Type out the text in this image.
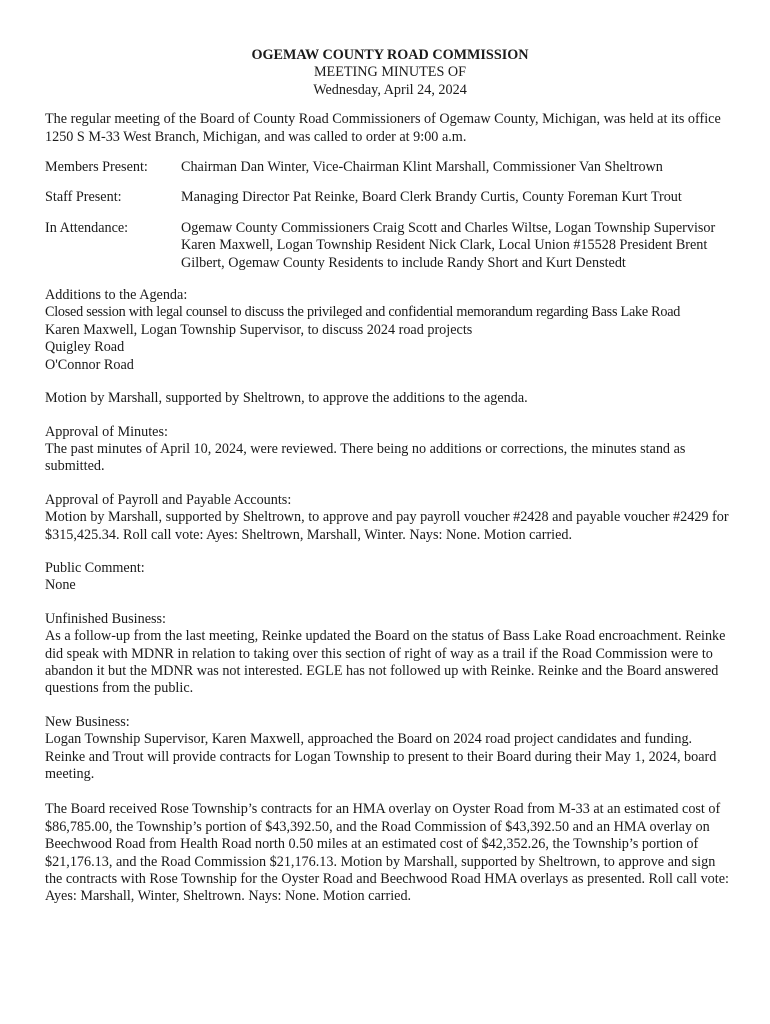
OGEMAW COUNTY ROAD COMMISSION
MEETING MINUTES OF
Wednesday, April 24, 2024

The regular meeting of the Board of County Road Commissioners of Ogemaw County, Michigan, was held at its office 1250 S M-33 West Branch, Michigan, and was called to order at 9:00 a.m.

Members Present:	Chairman Dan Winter, Vice-Chairman Klint Marshall, Commissioner Van Sheltrown
Staff Present:	Managing Director Pat Reinke, Board Clerk Brandy Curtis, County Foreman Kurt Trout
In Attendance:	Ogemaw County Commissioners Craig Scott and Charles Wiltse, Logan Township Supervisor Karen Maxwell, Logan Township Resident Nick Clark, Local Union #15528 President Brent Gilbert, Ogemaw County Residents to include Randy Short and Kurt Denstedt
Additions to the Agenda:
Closed session with legal counsel to discuss the privileged and confidential memorandum regarding Bass Lake Road
Karen Maxwell, Logan Township Supervisor, to discuss 2024 road projects
Quigley Road
O'Connor Road

Motion by Marshall, supported by Sheltrown, to approve the additions to the agenda.

Approval of Minutes:
The past minutes of April 10, 2024, were reviewed. There being no additions or corrections, the minutes stand as submitted.
Approval of Payroll and Payable Accounts:
Motion by Marshall, supported by Sheltrown, to approve and pay payroll voucher #2428 and payable voucher #2429 for $315,425.34. Roll call vote: Ayes: Sheltrown, Marshall, Winter. Nays: None. Motion carried.
Public Comment:
None
Unfinished Business:
As a follow-up from the last meeting, Reinke updated the Board on the status of Bass Lake Road encroachment. Reinke did speak with MDNR in relation to taking over this section of right of way as a trail if the Road Commission were to abandon it but the MDNR was not interested. EGLE has not followed up with Reinke. Reinke and the Board answered questions from the public.
New Business:
Logan Township Supervisor, Karen Maxwell, approached the Board on 2024 road project candidates and funding. Reinke and Trout will provide contracts for Logan Township to present to their Board during their May 1, 2024, board meeting.

The Board received Rose Township’s contracts for an HMA overlay on Oyster Road from M-33 at an estimated cost of $86,785.00, the Township’s portion of $43,392.50, and the Road Commission of $43,392.50 and an HMA overlay on Beechwood Road from Health Road north 0.50 miles at an estimated cost of $42,352.26, the Township’s portion of $21,176.13, and the Road Commission $21,176.13. Motion by Marshall, supported by Sheltrown, to approve and sign the contracts with Rose Township for the Oyster Road and Beechwood Road HMA overlays as presented. Roll call vote: Ayes: Marshall, Winter, Sheltrown. Nays: None. Motion carried.
